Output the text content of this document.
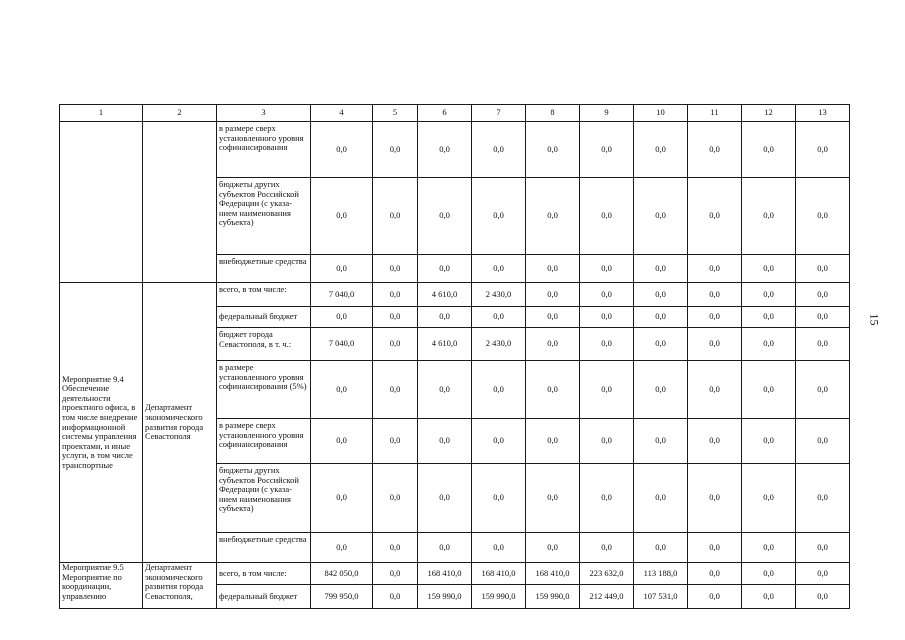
1	2	3	4	5	6	7	8	9	10	11	12	13
		в размере сверх установленного уровня софинансирования	0,0	0,0	0,0	0,0	0,0	0,0	0,0	0,0	0,0	0,0
		бюджеты других субъектов Российской Федерации (с указа-нием наименования субъекта)	0,0	0,0	0,0	0,0	0,0	0,0	0,0	0,0	0,0	0,0
		внебюджетные средства	0,0	0,0	0,0	0,0	0,0	0,0	0,0	0,0	0,0	0,0
Мероприятие 9.4 Обеспечение деятельности проектного офиса, в том числе внедрение информационной системы управления проектами, и иные услуги, в том числе транспортные	Департамент экономического развития города Севастополя	всего, в том числе:	7 040,0	0,0	4 610,0	2 430,0	0,0	0,0	0,0	0,0	0,0	0,0
		федеральный бюджет	0,0	0,0	0,0	0,0	0,0	0,0	0,0	0,0	0,0	0,0
		бюджет города Севастополя, в т. ч.:	7 040,0	0,0	4 610,0	2 430,0	0,0	0,0	0,0	0,0	0,0	0,0
		в размере установленного уровня софинансирования (5%)	0,0	0,0	0,0	0,0	0,0	0,0	0,0	0,0	0,0	0,0
		в размере сверх установленного уровня софинансирования	0,0	0,0	0,0	0,0	0,0	0,0	0,0	0,0	0,0	0,0
		бюджеты других субъектов Российской Федерации (с указа-нием наименования субъекта)	0,0	0,0	0,0	0,0	0,0	0,0	0,0	0,0	0,0	0,0
		внебюджетные средства	0,0	0,0	0,0	0,0	0,0	0,0	0,0	0,0	0,0	0,0
Мероприятие 9.5 Мероприятие по координации, управлению	Департамент экономического развития города Севастополя,	всего, в том числе:	842 050,0	0,0	168 410,0	168 410,0	168 410,0	223 632,0	113 188,0	0,0	0,0	0,0
		федеральный бюджет	799 950,0	0,0	159 990,0	159 990,0	159 990,0	212 449,0	107 531,0	0,0	0,0	0,0
15
